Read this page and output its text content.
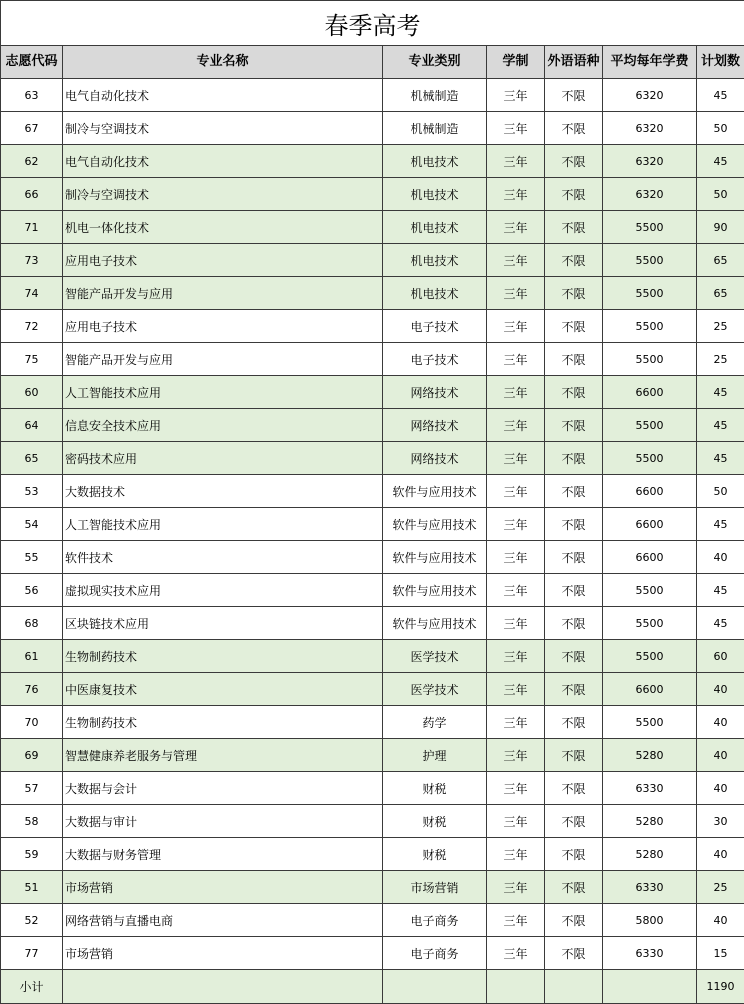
春季高考						
志愿代码	专业名称	专业类别	学制	外语语种	平均每年学费	计划数
63	电气自动化技术	机械制造	三年	不限	6320	45
67	制冷与空调技术	机械制造	三年	不限	6320	50
62	电气自动化技术	机电技术	三年	不限	6320	45
66	制冷与空调技术	机电技术	三年	不限	6320	50
71	机电一体化技术	机电技术	三年	不限	5500	90
73	应用电子技术	机电技术	三年	不限	5500	65
74	智能产品开发与应用	机电技术	三年	不限	5500	65
72	应用电子技术	电子技术	三年	不限	5500	25
75	智能产品开发与应用	电子技术	三年	不限	5500	25
60	人工智能技术应用	网络技术	三年	不限	6600	45
64	信息安全技术应用	网络技术	三年	不限	5500	45
65	密码技术应用	网络技术	三年	不限	5500	45
53	大数据技术	软件与应用技术	三年	不限	6600	50
54	人工智能技术应用	软件与应用技术	三年	不限	6600	45
55	软件技术	软件与应用技术	三年	不限	6600	40
56	虚拟现实技术应用	软件与应用技术	三年	不限	5500	45
68	区块链技术应用	软件与应用技术	三年	不限	5500	45
61	生物制药技术	医学技术	三年	不限	5500	60
76	中医康复技术	医学技术	三年	不限	6600	40
70	生物制药技术	药学	三年	不限	5500	40
69	智慧健康养老服务与管理	护理	三年	不限	5280	40
57	大数据与会计	财税	三年	不限	6330	40
58	大数据与审计	财税	三年	不限	5280	30
59	大数据与财务管理	财税	三年	不限	5280	40
51	市场营销	市场营销	三年	不限	6330	25
52	网络营销与直播电商	电子商务	三年	不限	5800	40
77	市场营销	电子商务	三年	不限	6330	15
小计						1190
